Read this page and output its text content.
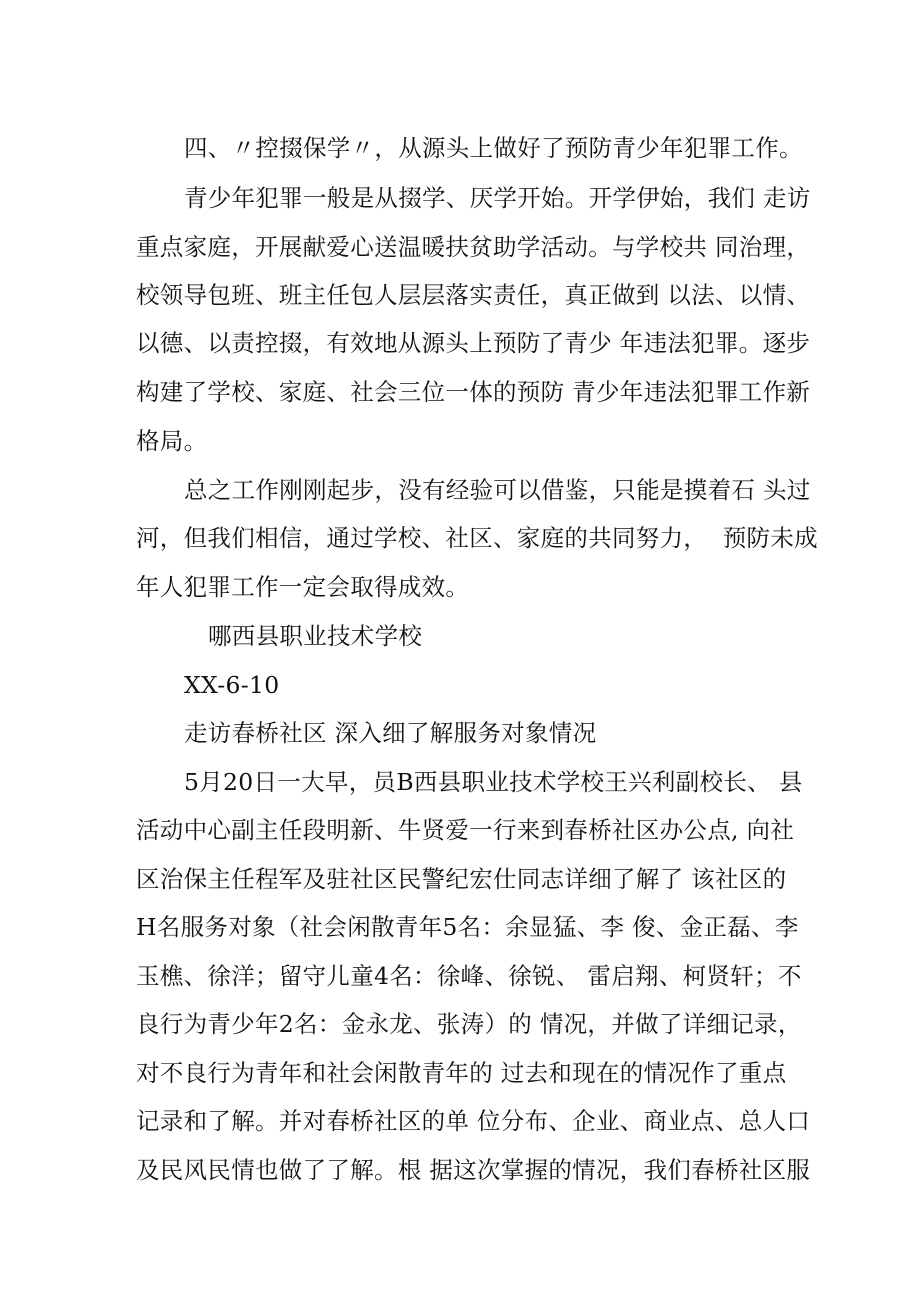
四、〃控掇保学〃，从源头上做好了预防青少年犯罪工作。
青少年犯罪一般是从掇学、厌学开始。开学伊始，我们 走访
重点家庭，开展献爱心送温暖扶贫助学活动。与学校共 同治理，
校领导包班、班主任包人层层落实责任，真正做到 以法、以情、
以德、以责控掇，有效地从源头上预防了青少 年违法犯罪。逐步
构建了学校、家庭、社会三位一体的预防 青少年违法犯罪工作新
格局。
总之工作刚刚起步，没有经验可以借鉴，只能是摸着石 头过
河，但我们相信，通过学校、社区、家庭的共同努力，  预防未成
年人犯罪工作一定会取得成效。
哪西县职业技术学校
XX-6-10
走访春桥社区 深入细了解服务对象情况
5月20日一大早，员B西县职业技术学校王兴利副校长、 县
活动中心副主任段明新、牛贤爱一行来到春桥社区办公点, 向社
区治保主任程军及驻社区民警纪宏仕同志详细了解了 该社区的
H名服务对象（社会闲散青年5名：余显猛、李 俊、金正磊、李
玉樵、徐洋；留守儿童4名：徐峰、徐锐、 雷启翔、柯贤轩；不
良行为青少年2名：金永龙、张涛）的 情况，并做了详细记录，
对不良行为青年和社会闲散青年的 过去和现在的情况作了重点
记录和了解。并对春桥社区的单 位分布、企业、商业点、总人口
及民风民情也做了了解。根 据这次掌握的情况，我们春桥社区服
